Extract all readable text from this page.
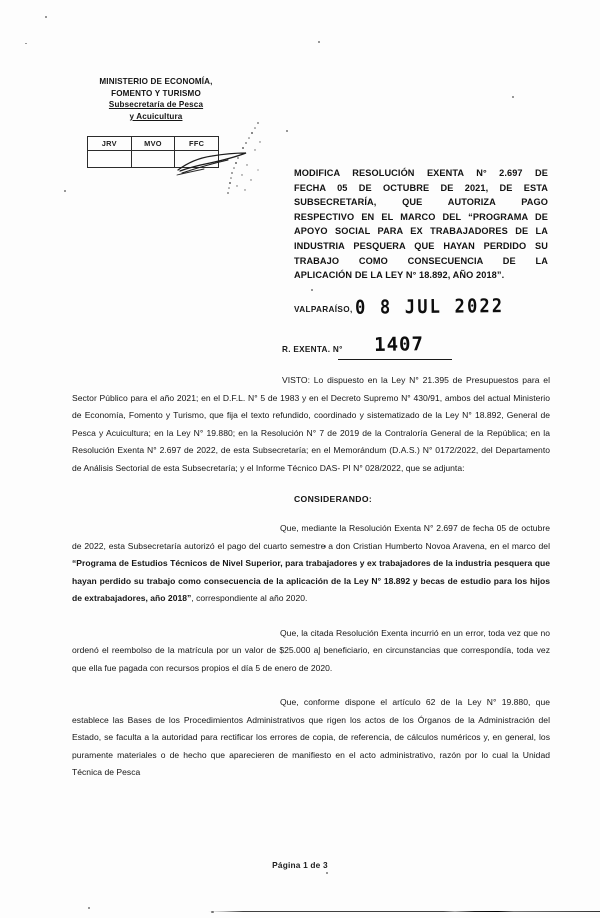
MINISTERIO DE ECONOMÍA,
FOMENTO Y TURISMO
Subsecretaría de Pesca
y Acuicultura
JRV	MVO	FFC

MODIFICA RESOLUCIÓN EXENTA N° 2.697 DE
FECHA 05 DE OCTUBRE DE 2021, DE ESTA
SUBSECRETARÍA, QUE AUTORIZA PAGO
RESPECTIVO EN EL MARCO DEL “PROGRAMA DE
APOYO SOCIAL PARA EX TRABAJADORES DE LA
INDUSTRIA PESQUERA QUE HAYAN PERDIDO SU
TRABAJO COMO CONSECUENCIA DE LA
APLICACIÓN DE LA LEY N° 18.892, AÑO 2018”.
VALPARAÍSO, 0 8 JUL 2022
R. EXENTA. N° 1407

VISTO: Lo dispuesto en la Ley N° 21.395 de Presupuestos para el Sector Público para el año 2021; en el D.F.L. N° 5 de 1983 y en el Decreto Supremo N° 430/91, ambos del actual Ministerio de Economía, Fomento y Turismo, que fija el texto refundido, coordinado y sistematizado de la Ley N° 18.892, General de Pesca y Acuicultura; en la Ley N° 19.880; en la Resolución N° 7 de 2019 de la Contraloría General de la República; en la Resolución Exenta N° 2.697 de 2022, de esta Subsecretaría; en el Memorándum (D.A.S.) N° 0172/2022, del Departamento de Análisis Sectorial de esta Subsecretaría; y el Informe Técnico DAS- PI N° 028/2022, que se adjunta:

CONSIDERANDO:

Que, mediante la Resolución Exenta N° 2.697 de fecha 05 de octubre de 2022, esta Subsecretaría autorizó el pago del cuarto semestre a don Cristian Humberto Novoa Aravena, en el marco del “Programa de Estudios Técnicos de Nivel Superior, para trabajadores y ex trabajadores de la industria pesquera que hayan perdido su trabajo como consecuencia de la aplicación de la Ley N° 18.892 y becas de estudio para los hijos de extrabajadores, año 2018”, correspondiente al año 2020.

Que, la citada Resolución Exenta incurrió en un error, toda vez que no ordenó el reembolso de la matrícula por un valor de $25.000 al beneficiario, en circunstancias que correspondía, toda vez que ella fue pagada con recursos propios el día 5 de enero de 2020.

Que, conforme dispone el artículo 62 de la Ley N° 19.880, que establece las Bases de los Procedimientos Administrativos que rigen los actos de los Órganos de la Administración del Estado, se faculta a la autoridad para rectificar los errores de copia, de referencia, de cálculos numéricos y, en general, los puramente materiales o de hecho que aparecieren de manifiesto en el acto administrativo, razón por lo cual la Unidad Técnica de Pesca

Página 1 de 3
